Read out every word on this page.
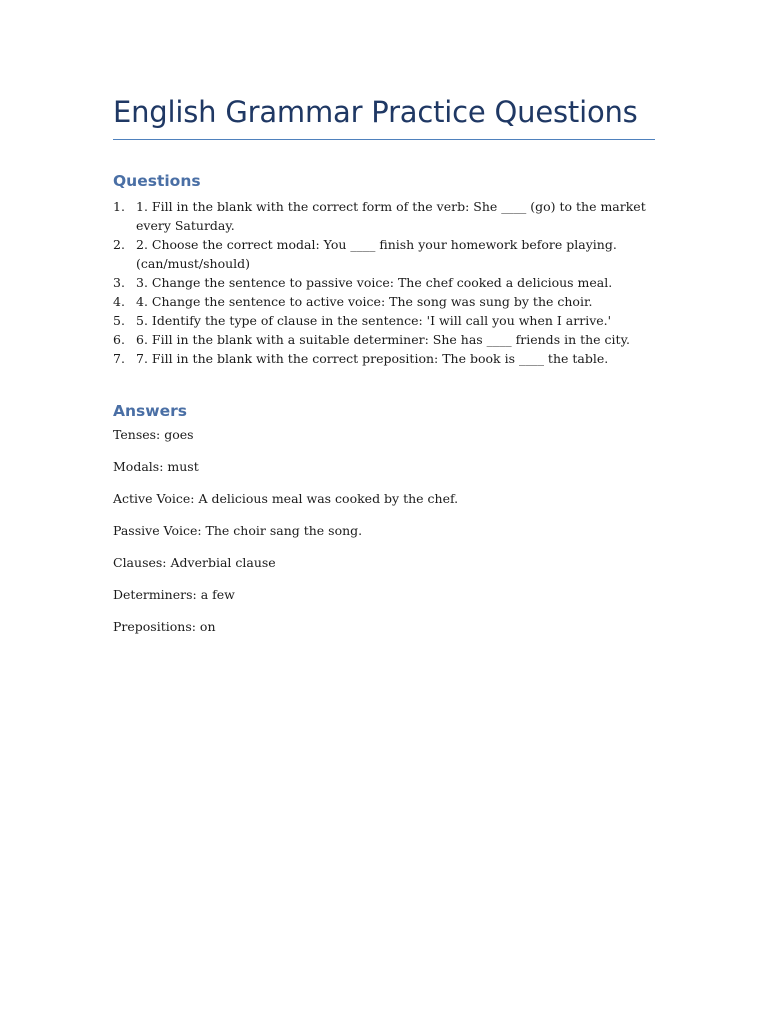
English Grammar Practice Questions
Questions
1. 1. Fill in the blank with the correct form of the verb: She ____ (go) to the market every Saturday.
2. 2. Choose the correct modal: You ____ finish your homework before playing. (can/must/should)
3. 3. Change the sentence to passive voice: The chef cooked a delicious meal.
4. 4. Change the sentence to active voice: The song was sung by the choir.
5. 5. Identify the type of clause in the sentence: 'I will call you when I arrive.'
6. 6. Fill in the blank with a suitable determiner: She has ____ friends in the city.
7. 7. Fill in the blank with the correct preposition: The book is ____ the table.
Answers

Tenses: goes

Modals: must

Active Voice: A delicious meal was cooked by the chef.

Passive Voice: The choir sang the song.

Clauses: Adverbial clause

Determiners: a few

Prepositions: on
